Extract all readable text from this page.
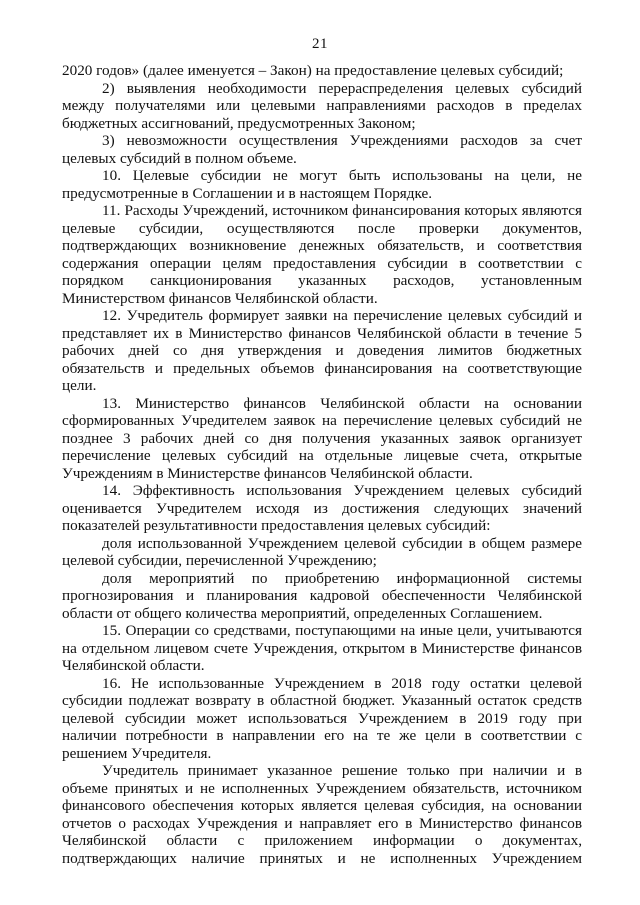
21

2020 годов» (далее именуется – Закон) на предоставление целевых субсидий;

2) выявления необходимости перераспределения целевых субсидий между получателями или целевыми направлениями расходов в пределах бюджетных ассигнований, предусмотренных Законом;

3) невозможности осуществления Учреждениями расходов за счет целевых субсидий в полном объеме.

10. Целевые субсидии не могут быть использованы на цели, не предусмотренные в Соглашении и в настоящем Порядке.

11. Расходы Учреждений, источником финансирования которых являются целевые субсидии, осуществляются после проверки документов, подтверждающих возникновение денежных обязательств, и соответствия содержания операции целям предоставления субсидии в соответствии с порядком санкционирования указанных расходов, установленным Министерством финансов Челябинской области.

12. Учредитель формирует заявки на перечисление целевых субсидий и представляет их в Министерство финансов Челябинской области в течение 5 рабочих дней со дня утверждения и доведения лимитов бюджетных обязательств и предельных объемов финансирования на соответствующие цели.

13. Министерство финансов Челябинской области на основании сформированных Учредителем заявок на перечисление целевых субсидий не позднее 3 рабочих дней со дня получения указанных заявок организует перечисление целевых субсидий на отдельные лицевые счета, открытые Учреждениям в Министерстве финансов Челябинской области.

14. Эффективность использования Учреждением целевых субсидий оценивается Учредителем исходя из достижения следующих значений показателей результативности предоставления целевых субсидий:

доля использованной Учреждением целевой субсидии в общем размере целевой субсидии, перечисленной Учреждению;

доля мероприятий по приобретению информационной системы прогнозирования и планирования кадровой обеспеченности Челябинской области от общего количества мероприятий, определенных Соглашением.

15. Операции со средствами, поступающими на иные цели, учитываются на отдельном лицевом счете Учреждения, открытом в Министерстве финансов Челябинской области.

16. Не использованные Учреждением в 2018 году остатки целевой субсидии подлежат возврату в областной бюджет. Указанный остаток средств целевой субсидии может использоваться Учреждением в 2019 году при наличии потребности в направлении его на те же цели в соответствии с решением Учредителя.

Учредитель принимает указанное решение только при наличии и в объеме принятых и не исполненных Учреждением обязательств, источником финансового обеспечения которых является целевая субсидия, на основании отчетов о расходах Учреждения и направляет его в Министерство финансов Челябинской области с приложением информации о документах, подтверждающих наличие принятых и не исполненных Учреждением
